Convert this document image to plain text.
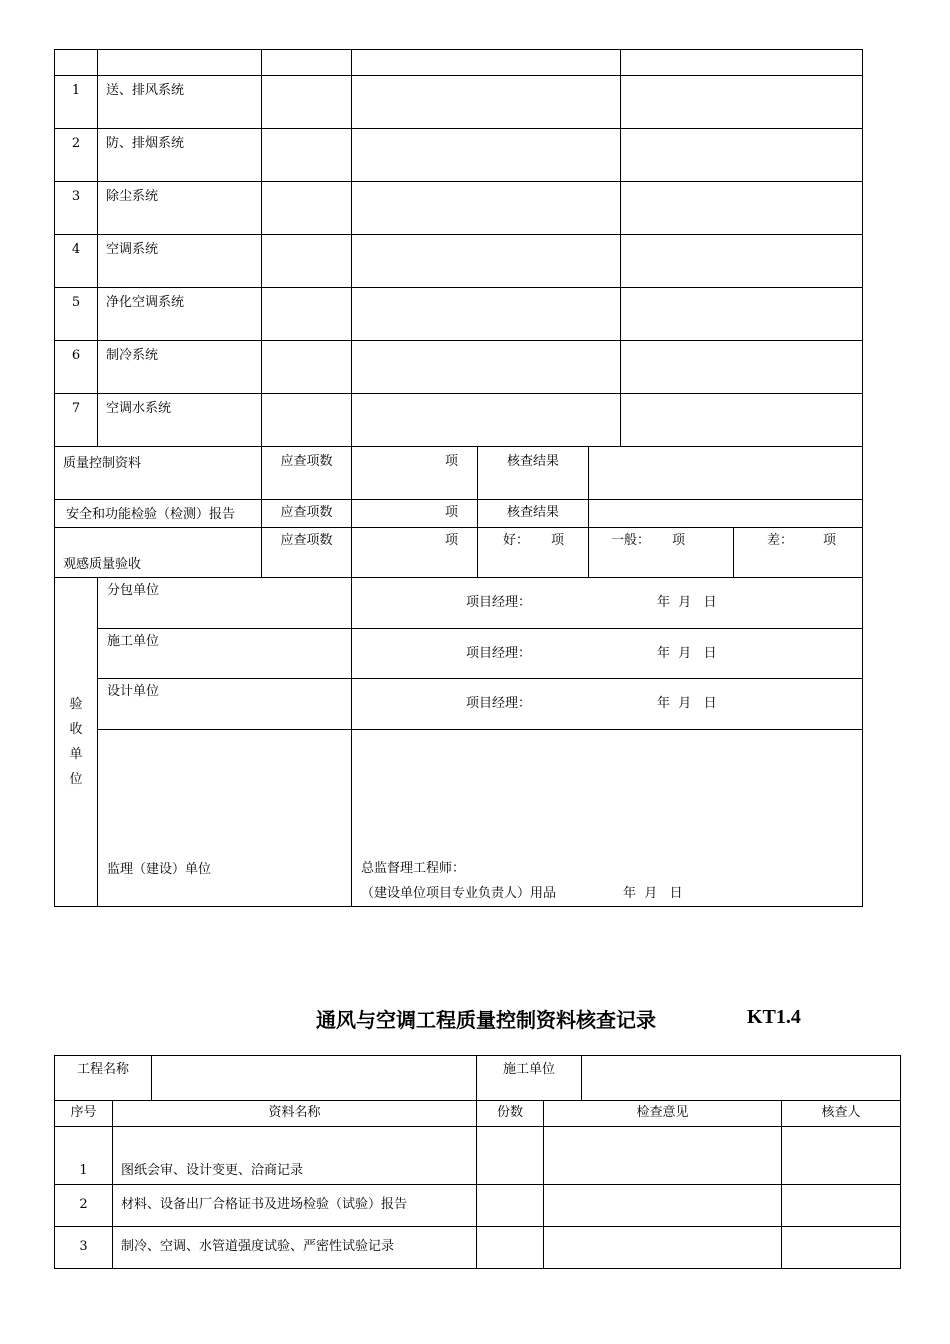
1	送、排风系统						
2	防、排烟系统						
3	除尘系统						
4	空调系统						
5	净化空调系统						
6	制冷系统						
7	空调水系统						
质量控制资料		应查项数	项	核查结果			
安全和功能检验（检测）报告		应查项数	项	核查结果			
观感质量验收		应查项数	项	好： 项	一般： 项		差： 项

验
收
单
位	分包单位		项目经理： 年  月   日				

	施工单位		项目经理： 年  月   日				

	设计单位		项目经理： 年  月   日				

	监理（建设）单位		总监督理工程师：
（建设单位项目专业负责人）用品 年  月   日				
通风与空调工程质量控制资料核查记录	KT1.4
工程名称			施工单位			
序号	资料名称		份数	检查意见		核查人
1	图纸会审、设计变更、洽商记录					
2	材料、设备出厂合格证书及进场检验（试验）报告					
3	制冷、空调、水管道强度试验、严密性试验记录					
